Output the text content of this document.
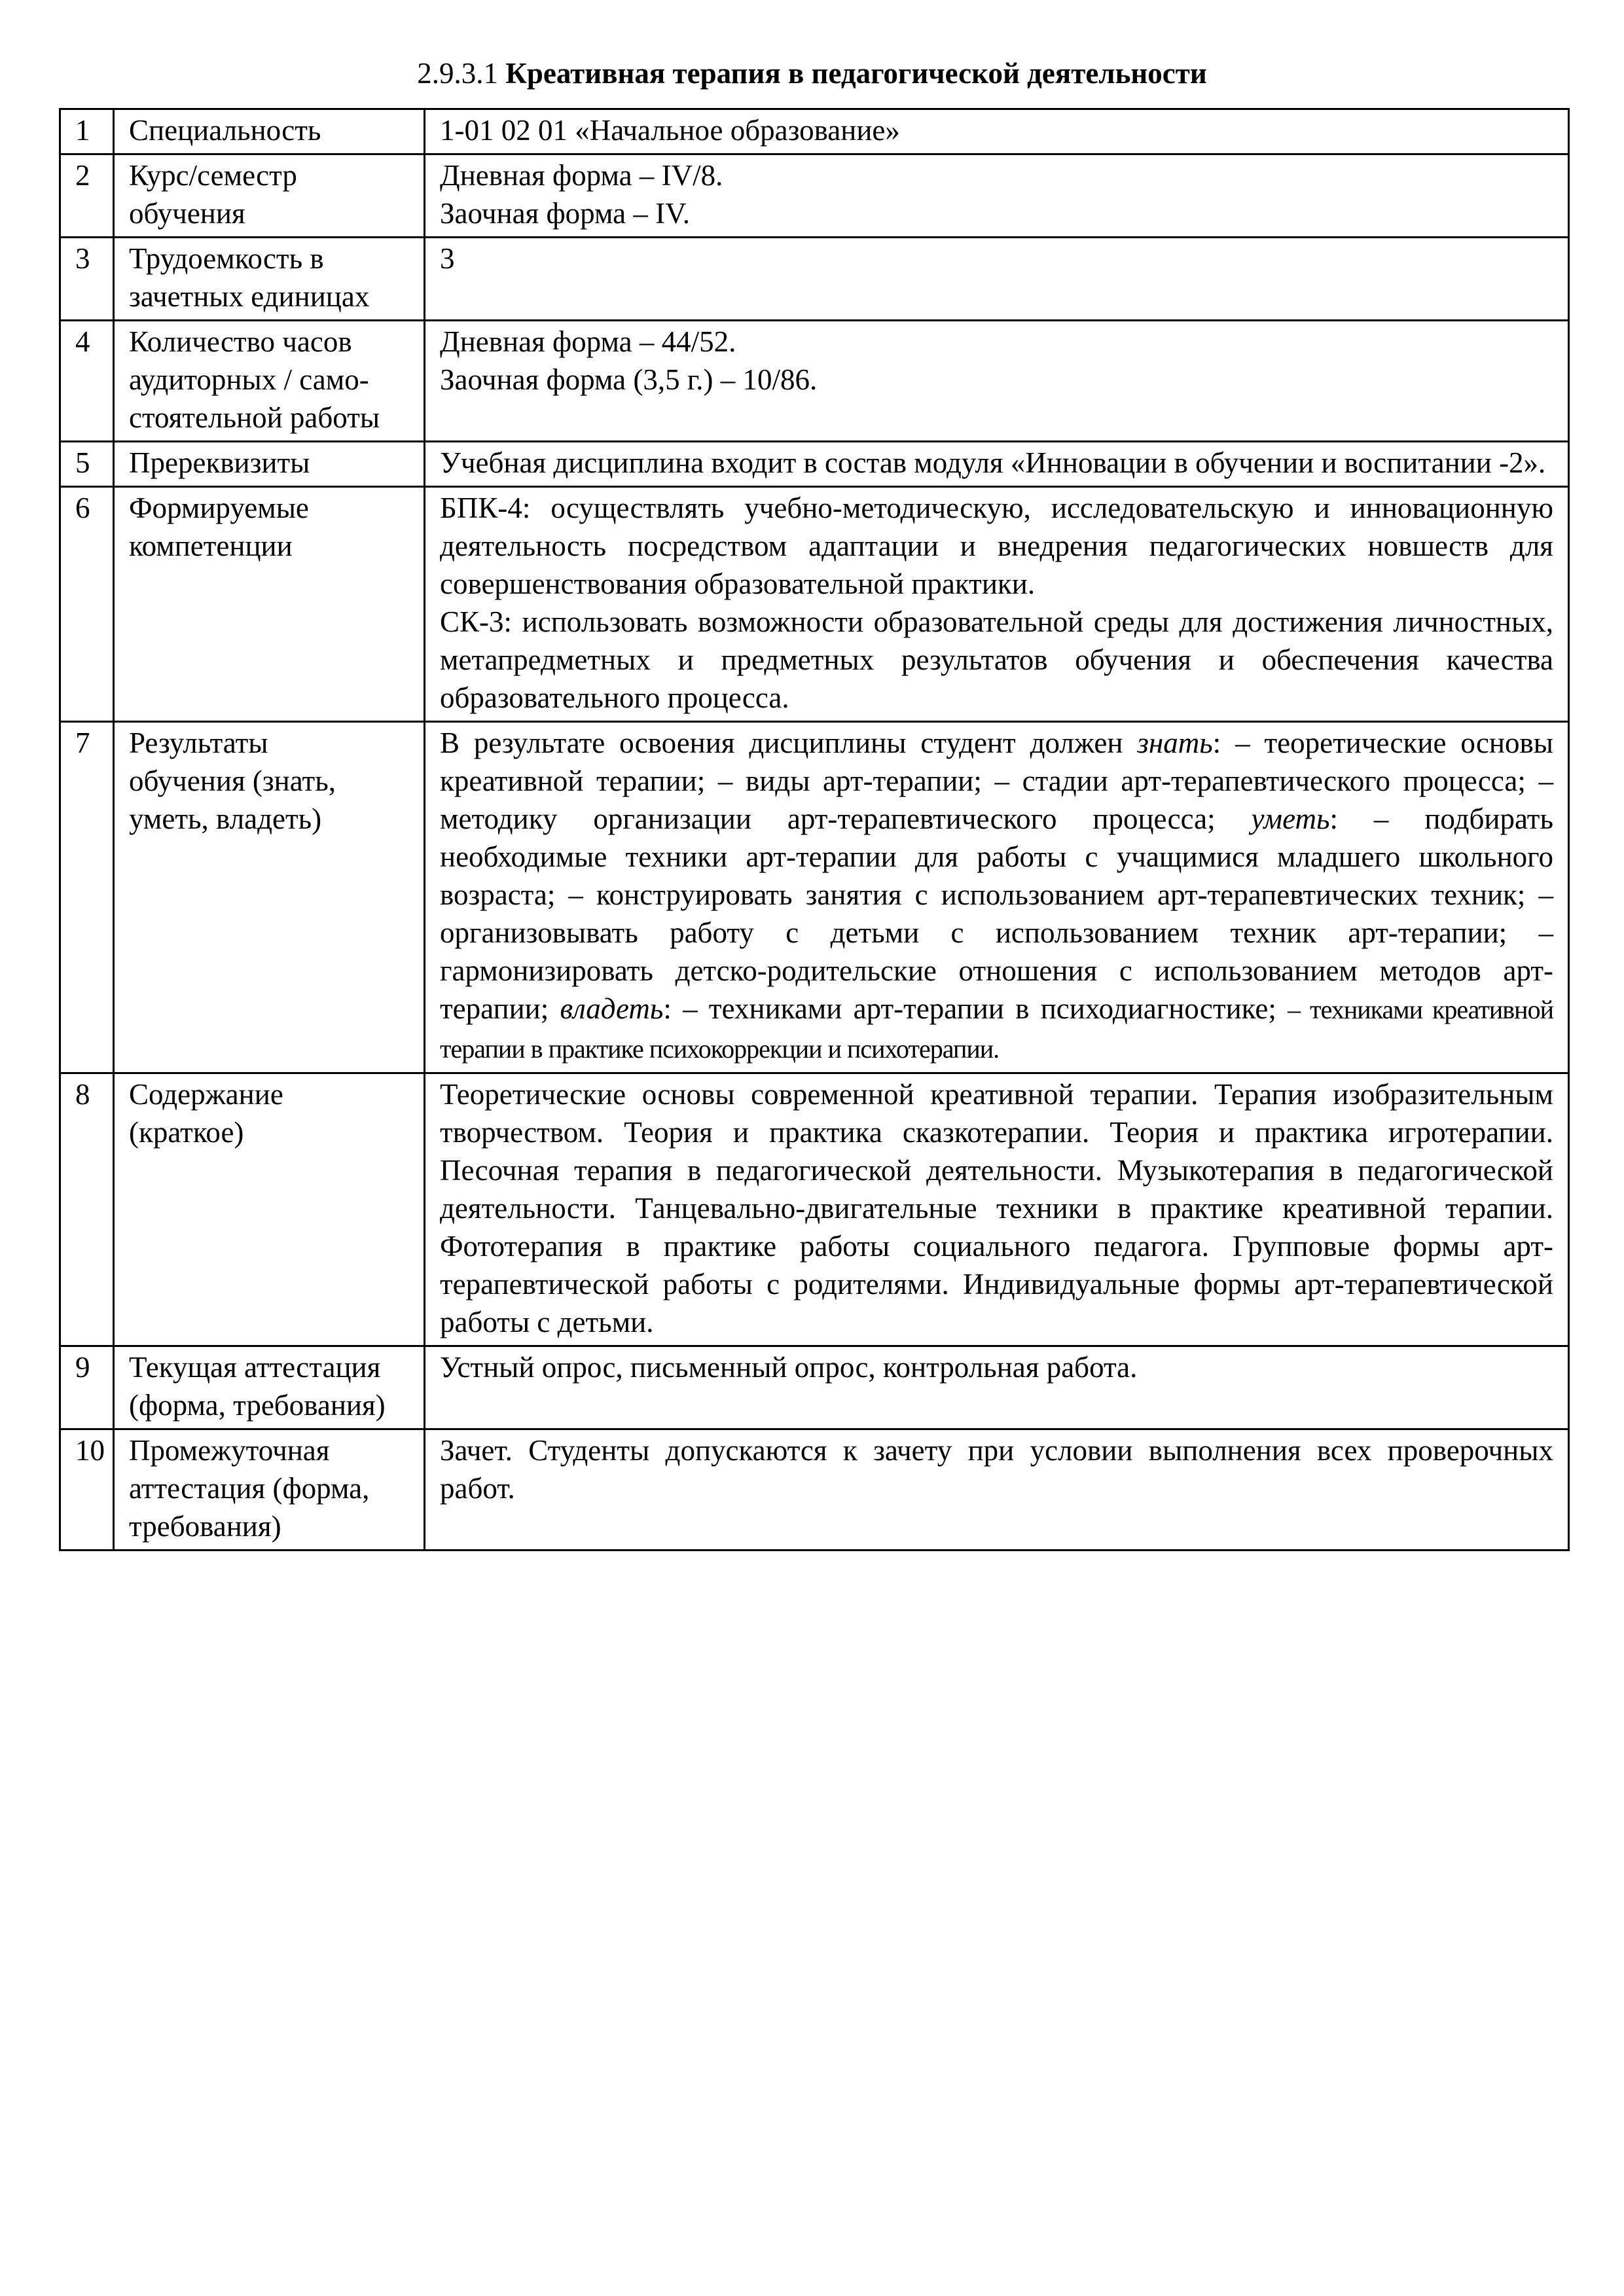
2.9.3.1 Креативная терапия в педагогической деятельности
1	Специальность	1-01 02 01 «Начальное образование»

2	Курс/семестр обучения	Дневная форма – IV/8.

Заочная форма – IV.

3	Трудоемкость в зачетных единицах	3

4	Количество часов аудиторных / само-стоятельной работы	Дневная форма – 44/52.

Заочная форма (3,5 г.) – 10/86.

5	Пререквизиты	Учебная дисциплина входит в состав модуля «Инновации в обучении и воспитании -2».

6	Формируемые компетенции	БПК-4: осуществлять учебно-методическую, исследовательскую и инновационную деятельность посредством адаптации и внедрения педагогических новшеств для совершенствования образовательной практики.

СК-3: использовать возможности образовательной среды для достижения личностных, метапредметных и предметных результатов обучения и обеспечения качества образовательного процесса.

7	Результаты обучения (знать, уметь, владеть)	В результате освоения дисциплины студент должен знать: – теоретические основы креативной терапии; – виды арт-терапии; – стадии арт-терапевтического процесса; – методику организации арт-терапевтического процесса; уметь: – подбирать необходимые техники арт-терапии для работы с учащимися младшего школьного возраста; – конструировать занятия с использованием арт-терапевтических техник; – организовывать работу с детьми с использованием техник арт-терапии; – гармонизировать детско-родительские отношения с использованием методов арт-терапии; владеть: – техниками арт-терапии в психодиагностике; – техниками креативной терапии в практике психокоррекции и психотерапии.

8	Содержание (краткое)	Теоретические основы современной креативной терапии. Терапия изобразительным творчеством. Теория и практика сказкотерапии. Теория и практика игротерапии. Песочная терапия в педагогической деятельности. Музыкотерапия в педагогической деятельности. Танцевально-двигательные техники в практике креативной терапии. Фототерапия в практике работы социального педагога. Групповые формы арт-терапевтической работы с родителями. Индивидуальные формы арт-терапевтической работы с детьми.

9	Текущая аттестация (форма, требования)	Устный опрос, письменный опрос, контрольная работа.

10	Промежуточная аттестация (форма, требования)	Зачет. Студенты допускаются к зачету при условии выполнения всех проверочных работ.
